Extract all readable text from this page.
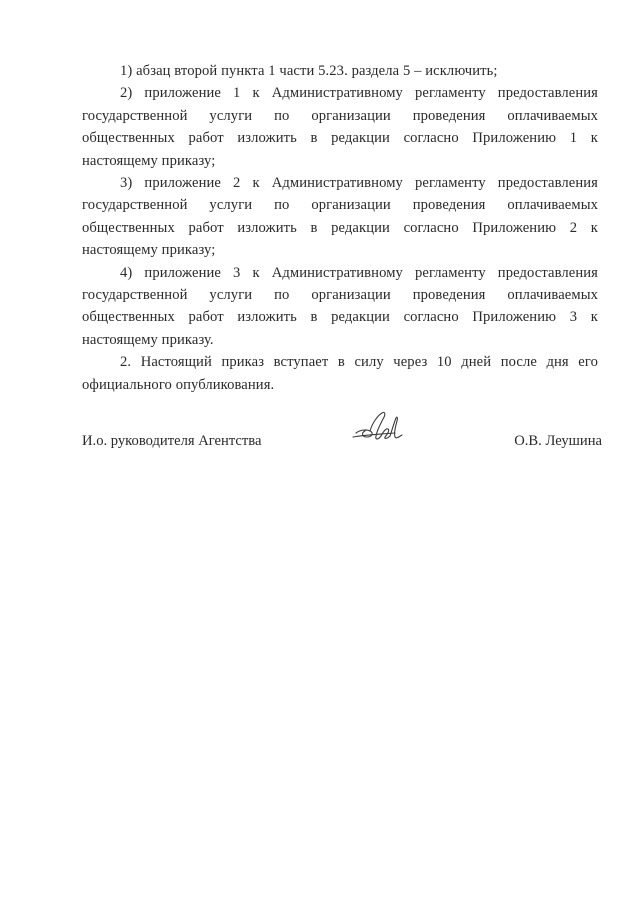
1) абзац второй пункта 1 части 5.23. раздела 5 – исключить;

2) приложение 1 к Административному регламенту предоставления государственной услуги по организации проведения оплачиваемых общественных работ изложить в редакции согласно Приложению 1 к настоящему приказу;

3) приложение 2 к Административному регламенту предоставления государственной услуги по организации проведения оплачиваемых общественных работ изложить в редакции согласно Приложению 2 к настоящему приказу;

4) приложение 3 к Административному регламенту предоставления государственной услуги по организации проведения оплачиваемых общественных работ изложить в редакции согласно Приложению 3 к настоящему приказу.

2. Настоящий приказ вступает в силу через 10 дней после дня его официального опубликования.

И.о. руководителя Агентства	О.В. Леушина
